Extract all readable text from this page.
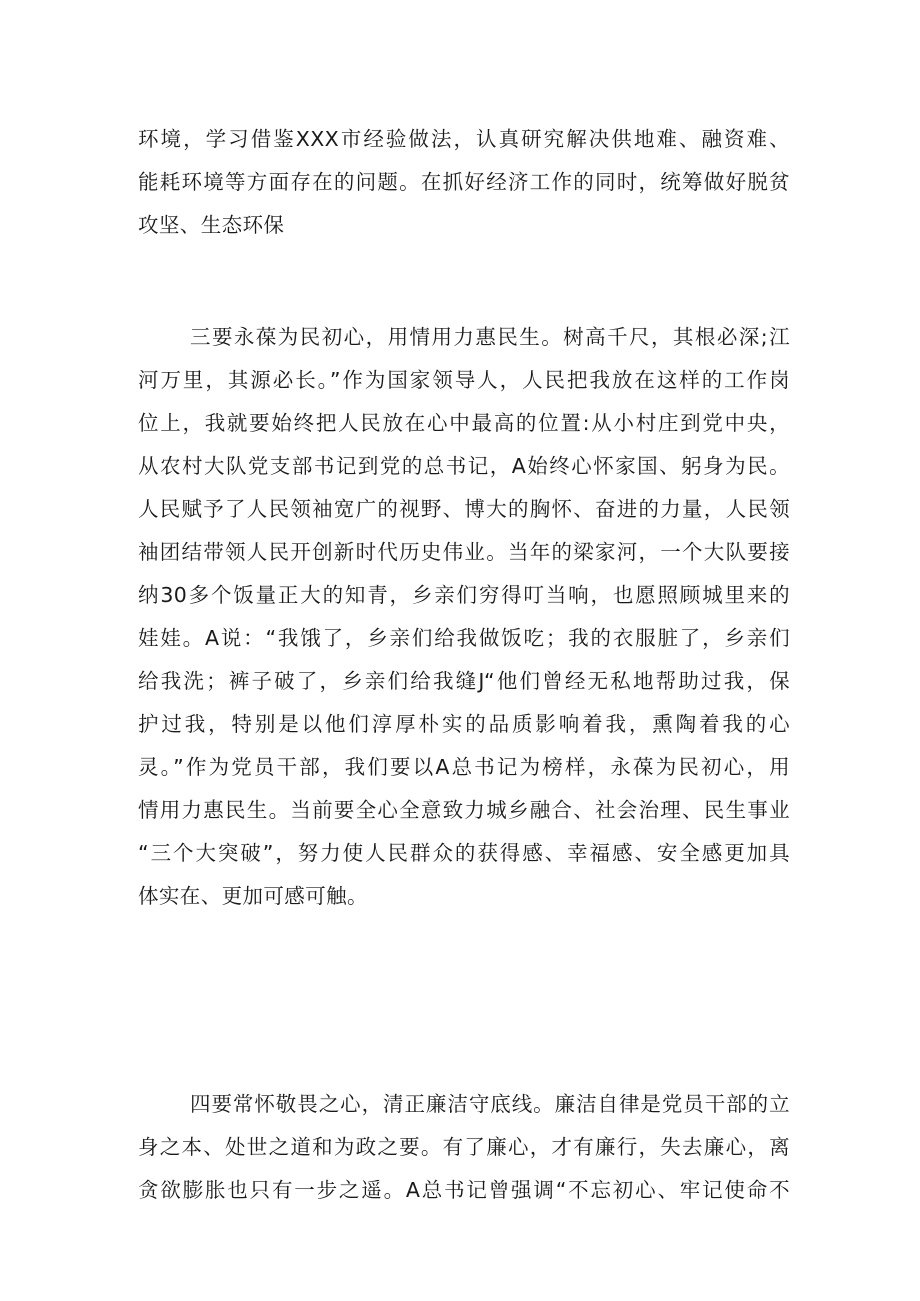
环境，学习借鉴XXX市经验做法，认真研究解决供地难、融资难、
能耗环境等方面存在的问题。在抓好经济工作的同时，统筹做好脱贫
攻坚、生态环保
三要永葆为民初心，用情用力惠民生。树高千尺，其根必深;江
河万里，其源必长。”作为国家领导人，人民把我放在这样的工作岗
位上，我就要始终把人民放在心中最高的位置:从小村庄到党中央，
从农村大队党支部书记到党的总书记，A始终心怀家国、躬身为民。
人民赋予了人民领袖宽广的视野、博大的胸怀、奋进的力量，人民领
袖团结带领人民开创新时代历史伟业。当年的梁家河，一个大队要接
纳30多个饭量正大的知青，乡亲们穷得叮当响，也愿照顾城里来的
娃娃。A说：“我饿了，乡亲们给我做饭吃；我的衣服脏了，乡亲们
给我洗；裤子破了，乡亲们给我缝J“他们曾经无私地帮助过我，保
护过我，特别是以他们淳厚朴实的品质影响着我，熏陶着我的心
灵。”作为党员干部，我们要以A总书记为榜样，永葆为民初心，用
情用力惠民生。当前要全心全意致力城乡融合、社会治理、民生事业
“三个大突破”，努力使人民群众的获得感、幸福感、安全感更加具
体实在、更加可感可触。
四要常怀敬畏之心，清正廉洁守底线。廉洁自律是党员干部的立
身之本、处世之道和为政之要。有了廉心，才有廉行，失去廉心，离
贪欲膨胀也只有一步之遥。A总书记曾强调“不忘初心、牢记使命不
